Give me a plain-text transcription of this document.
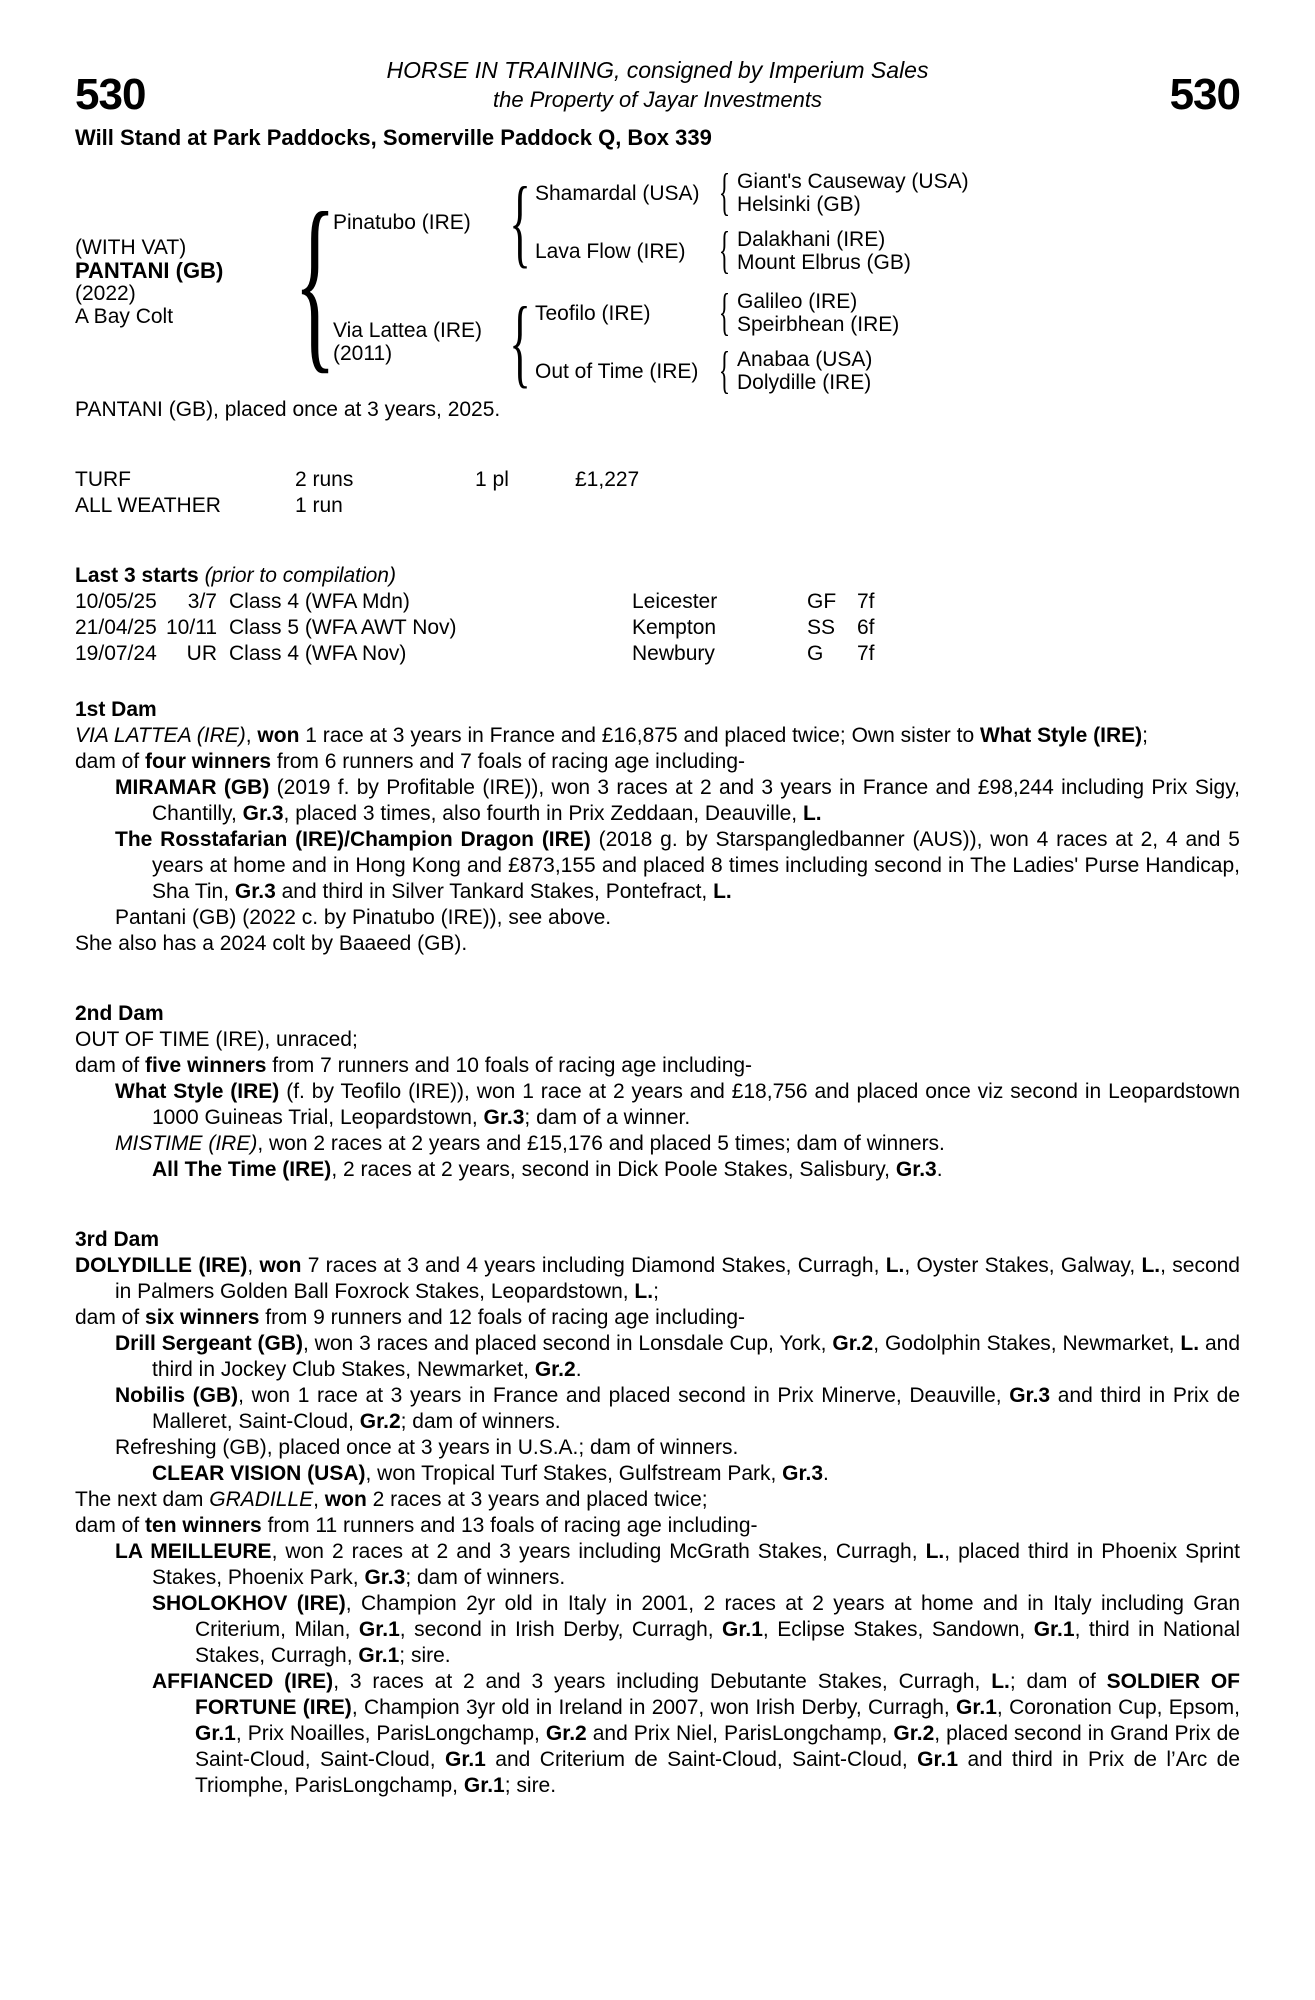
530	HORSE IN TRAINING, consigned by Imperium Sales
the Property of Jayar Investments	530
Will Stand at Park Paddocks, Somerville Paddock Q, Box 339
(WITH VAT)
PANTANI (GB)
(2022)
A Bay Colt {
Pinatubo (IRE) { Shamardal (USA) { Giant's Causeway (USA)
Helsinki (GB)
Lava Flow (IRE) { Dalakhani (IRE)
Mount Elbrus (GB)
Via Lattea (IRE)
(2011)	{ Teofilo (IRE)	{ Galileo (IRE)
Speirbhean (IRE)
Out of Time (IRE) { Anabaa (USA)
Dolydille (IRE)

PANTANI (GB), placed once at 3 years, 2025.

TURF	2 runs	1 pl	£1,227
ALL WEATHER	1 run
Last 3 starts (prior to compilation)
10/05/25	3/7 Class 4 (WFA Mdn)	Leicester	GF 7f
21/04/25 10/11 Class 5 (WFA AWT Nov)	Kempton	SS	6f
19/07/24	UR Class 4 (WFA Nov)	Newbury	G	7f
1st Dam

VIA LATTEA (IRE), won 1 race at 3 years in France and £16,875 and placed twice; Own sister to What Style (IRE);

dam of four winners from 6 runners and 7 foals of racing age including-

MIRAMAR (GB) (2019 f. by Profitable (IRE)), won 3 races at 2 and 3 years in France and £98,244 including Prix Sigy, Chantilly, Gr.3, placed 3 times, also fourth in Prix Zeddaan, Deauville, L.

The Rosstafarian (IRE)/Champion Dragon (IRE) (2018 g. by Starspangledbanner (AUS)), won 4 races at 2, 4 and 5 years at home and in Hong Kong and £873,155 and placed 8 times including second in The Ladies' Purse Handicap, Sha Tin, Gr.3 and third in Silver Tankard Stakes, Pontefract, L.

Pantani (GB) (2022 c. by Pinatubo (IRE)), see above.

She also has a 2024 colt by Baaeed (GB).

2nd Dam

OUT OF TIME (IRE), unraced;

dam of five winners from 7 runners and 10 foals of racing age including-

What Style (IRE) (f. by Teofilo (IRE)), won 1 race at 2 years and £18,756 and placed once viz second in Leopardstown 1000 Guineas Trial, Leopardstown, Gr.3; dam of a winner.

MISTIME (IRE), won 2 races at 2 years and £15,176 and placed 5 times; dam of winners.

All The Time (IRE), 2 races at 2 years, second in Dick Poole Stakes, Salisbury, Gr.3.

3rd Dam

DOLYDILLE (IRE), won 7 races at 3 and 4 years including Diamond Stakes, Curragh, L., Oyster Stakes, Galway, L., second in Palmers Golden Ball Foxrock Stakes, Leopardstown, L.;

dam of six winners from 9 runners and 12 foals of racing age including-

Drill Sergeant (GB), won 3 races and placed second in Lonsdale Cup, York, Gr.2, Godolphin Stakes, Newmarket, L. and third in Jockey Club Stakes, Newmarket, Gr.2.

Nobilis (GB), won 1 race at 3 years in France and placed second in Prix Minerve, Deauville, Gr.3 and third in Prix de Malleret, Saint-Cloud, Gr.2; dam of winners.

Refreshing (GB), placed once at 3 years in U.S.A.; dam of winners.

CLEAR VISION (USA), won Tropical Turf Stakes, Gulfstream Park, Gr.3.

The next dam GRADILLE, won 2 races at 3 years and placed twice;

dam of ten winners from 11 runners and 13 foals of racing age including-

LA MEILLEURE, won 2 races at 2 and 3 years including McGrath Stakes, Curragh, L., placed third in Phoenix Sprint Stakes, Phoenix Park, Gr.3; dam of winners.

SHOLOKHOV (IRE), Champion 2yr old in Italy in 2001, 2 races at 2 years at home and in Italy including Gran Criterium, Milan, Gr.1, second in Irish Derby, Curragh, Gr.1, Eclipse Stakes, Sandown, Gr.1, third in National Stakes, Curragh, Gr.1; sire.

AFFIANCED (IRE), 3 races at 2 and 3 years including Debutante Stakes, Curragh, L.; dam of SOLDIER OF FORTUNE (IRE), Champion 3yr old in Ireland in 2007, won Irish Derby, Curragh, Gr.1, Coronation Cup, Epsom, Gr.1, Prix Noailles, ParisLongchamp, Gr.2 and Prix Niel, ParisLongchamp, Gr.2, placed second in Grand Prix de Saint-Cloud, Saint-Cloud, Gr.1 and Criterium de Saint-Cloud, Saint-Cloud, Gr.1 and third in Prix de l’Arc de Triomphe, ParisLongchamp, Gr.1; sire.
